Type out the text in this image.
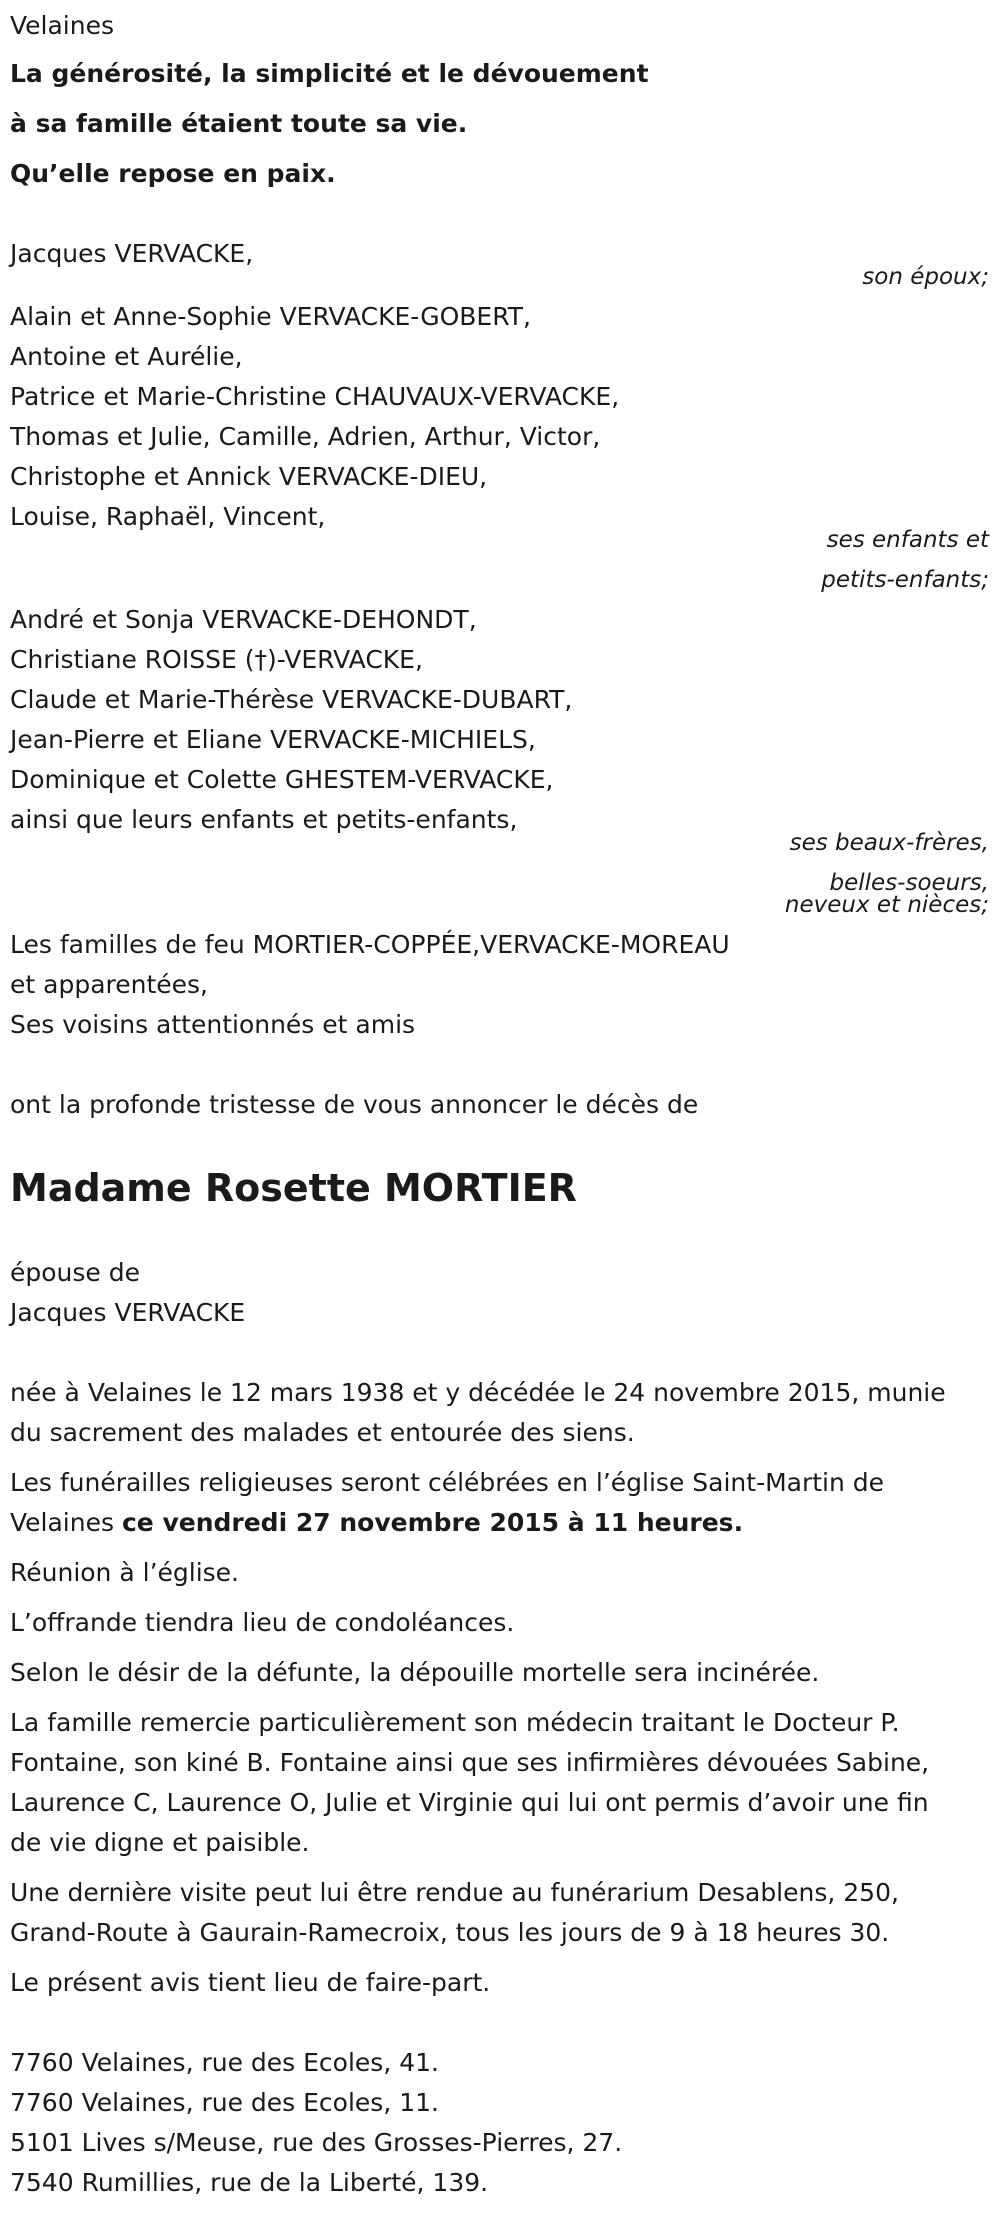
Velaines
La générosité, la simplicité et le dévouement
à sa famille étaient toute sa vie.
Qu’elle repose en paix.
Jacques VERVACKE,
son époux;
Alain et Anne-Sophie VERVACKE-GOBERT,
Antoine et Aurélie,
Patrice et Marie-Christine CHAUVAUX-VERVACKE,
Thomas et Julie, Camille, Adrien, Arthur, Victor,
Christophe et Annick VERVACKE-DIEU,
Louise, Raphaël, Vincent,
ses enfants et
petits-enfants;
André et Sonja VERVACKE-DEHONDT,
Christiane ROISSE (†)-VERVACKE,
Claude et Marie-Thérèse VERVACKE-DUBART,
Jean-Pierre et Eliane VERVACKE-MICHIELS,
Dominique et Colette GHESTEM-VERVACKE,
ainsi que leurs enfants et petits-enfants,
ses beaux-frères,
belles-soeurs,
neveux et nièces;
Les familles de feu MORTIER-COPPÉE,VERVACKE-MOREAU
et apparentées,
Ses voisins attentionnés et amis
ont la profonde tristesse de vous annoncer le décès de
Madame Rosette MORTIER
épouse de
Jacques VERVACKE
née à Velaines le 12 mars 1938 et y décédée le 24 novembre 2015, munie
du sacrement des malades et entourée des siens.
Les funérailles religieuses seront célébrées en l’église Saint-Martin de
Velaines ce vendredi 27 novembre 2015 à 11 heures.
Réunion à l’église.
L’offrande tiendra lieu de condoléances.
Selon le désir de la défunte, la dépouille mortelle sera incinérée.
La famille remercie particulièrement son médecin traitant le Docteur P.
Fontaine, son kiné B. Fontaine ainsi que ses infirmières dévouées Sabine,
Laurence C, Laurence O, Julie et Virginie qui lui ont permis d’avoir une fin
de vie digne et paisible.
Une dernière visite peut lui être rendue au funérarium Desablens, 250,
Grand-Route à Gaurain-Ramecroix, tous les jours de 9 à 18 heures 30.
Le présent avis tient lieu de faire-part.
7760 Velaines, rue des Ecoles, 41.
7760 Velaines, rue des Ecoles, 11.
5101 Lives s/Meuse, rue des Grosses-Pierres, 27.
7540 Rumillies, rue de la Liberté, 139.
